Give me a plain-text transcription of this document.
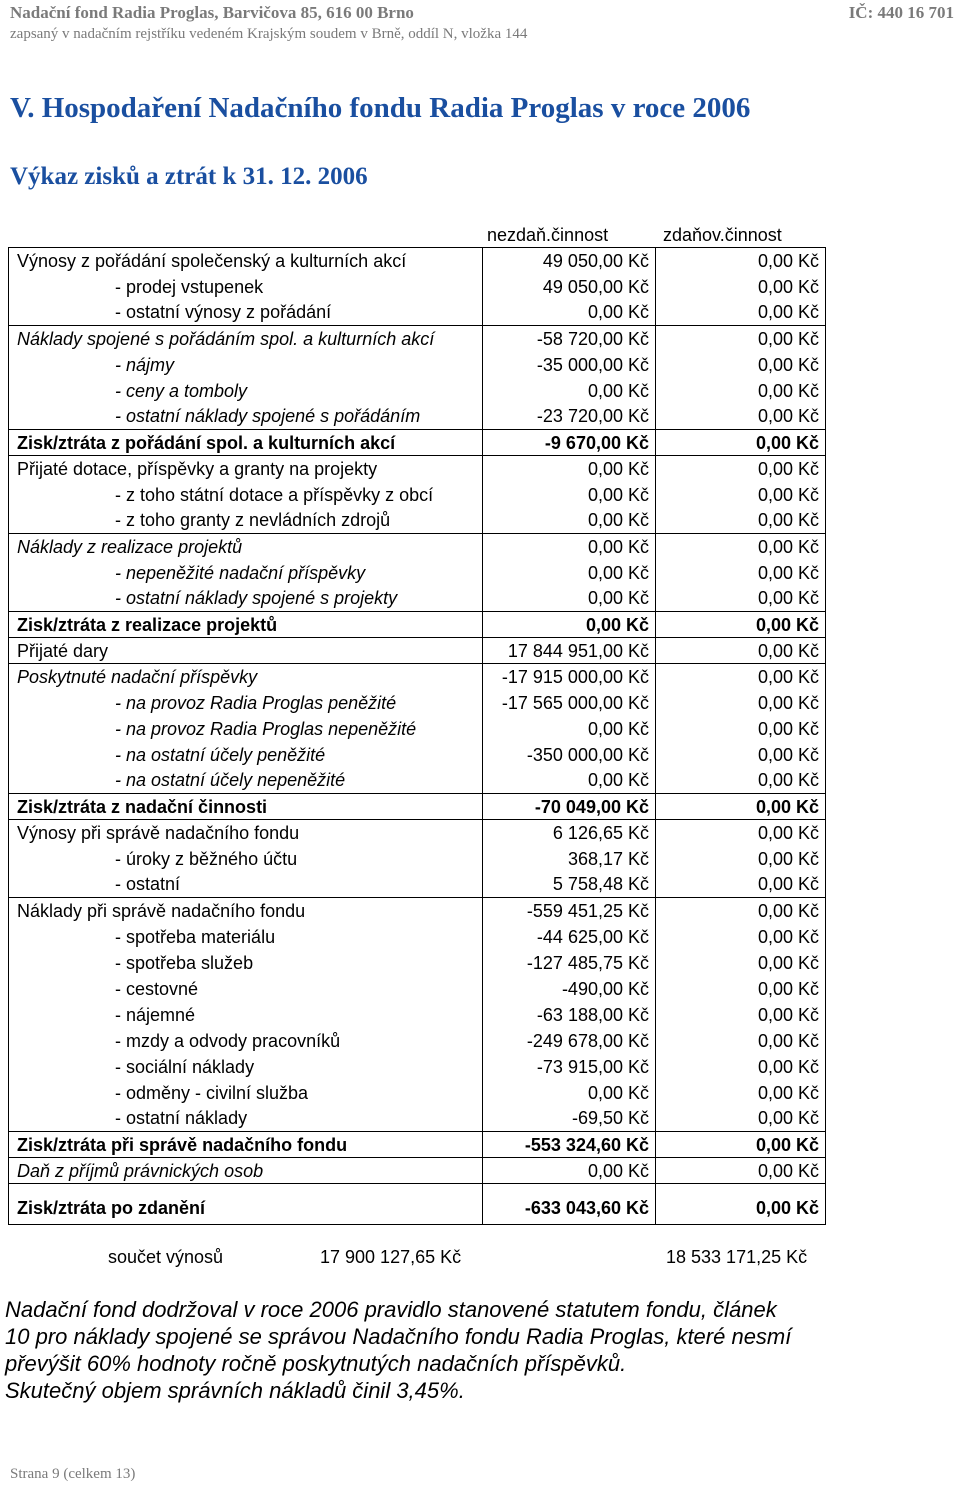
Nadační fond Radia Proglas, Barvičova 85, 616 00 Brno
zapsaný v nadačním rejstříku vedeném Krajským soudem v Brně, oddíl N, vložka 144
IČ: 440 16 701
V. Hospodaření Nadačního fondu Radia Proglas v roce 2006
Výkaz zisků a ztrát k 31. 12. 2006
nezdaň.činnost	zdaňov.činnost
Výnosy z pořádání společenský a kulturních akcí	49 050,00 Kč	0,00 Kč
- prodej vstupenek	49 050,00 Kč	0,00 Kč
- ostatní výnosy z pořádání	0,00 Kč	0,00 Kč
Náklady spojené s pořádáním spol. a kulturních akcí	-58 720,00 Kč	0,00 Kč
- nájmy	-35 000,00 Kč	0,00 Kč
- ceny a tomboly	0,00 Kč	0,00 Kč
- ostatní náklady spojené s pořádáním	-23 720,00 Kč	0,00 Kč
Zisk/ztráta z pořádání spol. a kulturních akcí	-9 670,00 Kč	0,00 Kč
Přijaté dotace, příspěvky a granty na projekty	0,00 Kč	0,00 Kč
- z toho státní dotace a příspěvky z obcí	0,00 Kč	0,00 Kč
- z toho granty z nevládních zdrojů	0,00 Kč	0,00 Kč
Náklady z realizace projektů	0,00 Kč	0,00 Kč
- nepeněžité nadační příspěvky	0,00 Kč	0,00 Kč
- ostatní náklady spojené s projekty	0,00 Kč	0,00 Kč
Zisk/ztráta z realizace projektů	0,00 Kč	0,00 Kč
Přijaté dary	17 844 951,00 Kč	0,00 Kč
Poskytnuté nadační příspěvky	-17 915 000,00 Kč	0,00 Kč
- na provoz Radia Proglas peněžité	-17 565 000,00 Kč	0,00 Kč
- na provoz Radia Proglas nepeněžité	0,00 Kč	0,00 Kč
- na ostatní účely peněžité	-350 000,00 Kč	0,00 Kč
- na ostatní účely nepeněžité	0,00 Kč	0,00 Kč
Zisk/ztráta z nadační činnosti	-70 049,00 Kč	0,00 Kč
Výnosy při správě nadačního fondu	6 126,65 Kč	0,00 Kč
- úroky z běžného účtu	368,17 Kč	0,00 Kč
- ostatní	5 758,48 Kč	0,00 Kč
Náklady při správě nadačního fondu	-559 451,25 Kč	0,00 Kč
- spotřeba materiálu	-44 625,00 Kč	0,00 Kč
- spotřeba služeb	-127 485,75 Kč	0,00 Kč
- cestovné	-490,00 Kč	0,00 Kč
- nájemné	-63 188,00 Kč	0,00 Kč
- mzdy a odvody pracovníků	-249 678,00 Kč	0,00 Kč
- sociální náklady	-73 915,00 Kč	0,00 Kč
- odměny - civilní služba	0,00 Kč	0,00 Kč
- ostatní náklady	-69,50 Kč	0,00 Kč
Zisk/ztráta při správě nadačního fondu	-553 324,60 Kč	0,00 Kč
Daň z příjmů právnických osob	0,00 Kč	0,00 Kč

Zisk/ztráta po zdanění	-633 043,60 Kč	0,00 Kč
součet výnosů	17 900 127,65 Kč	18 533 171,25 Kč
Nadační fond dodržoval v roce 2006 pravidlo stanovené statutem fondu, článek
10 pro náklady spojené se správou Nadačního fondu Radia Proglas, které nesmí
převýšit 60% hodnoty ročně poskytnutých nadačních příspěvků.
Skutečný objem správních nákladů činil 3,45%.
Strana 9 (celkem 13)
